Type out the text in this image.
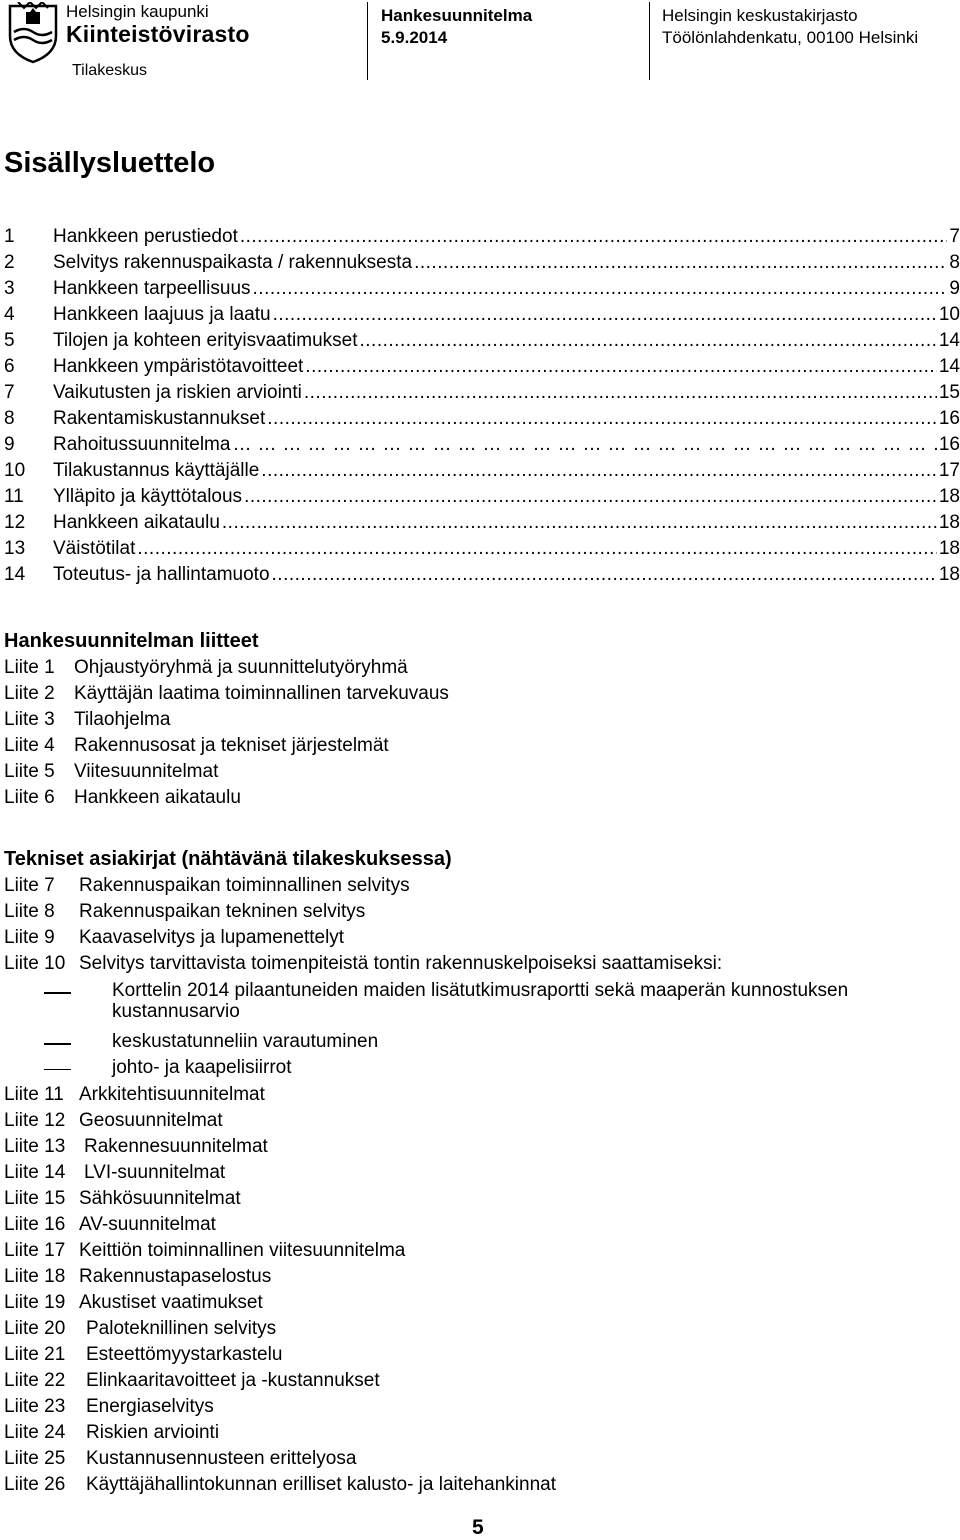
Helsingin kaupunki
Kiinteistövirasto
Tilakeskus
Hankesuunnitelma
5.9.2014
Helsingin keskustakirjasto
Töölönlahdenkatu, 00100 Helsinki
Sisällysluettelo
1	Hankkeen perustiedot .....	7
2	Selvitys rakennuspaikasta / rakennuksesta .....	8
3	Hankkeen tarpeellisuus .....	9
4	Hankkeen laajuus ja laatu .....	10
5	Tilojen ja kohteen erityisvaatimukset .....	14
6	Hankkeen ympäristötavoitteet .....	14
7	Vaikutusten ja riskien arviointi .....	15
8	Rakentamiskustannukset .....	16
9	Rahoitussuunnitelma …………………………………………………………………………………………………………………………	16
10	Tilakustannus käyttäjälle .....	17
11	Ylläpito ja käyttötalous .....	18
12	Hankkeen aikataulu .....	18
13	Väistötilat .....	18
14	Toteutus- ja hallintamuoto .....	18
Hankesuunnitelman liitteet
Liite 1	Ohjaustyöryhmä ja suunnittelutyöryhmä
Liite 2	Käyttäjän laatima toiminnallinen tarvekuvaus
Liite 3	Tilaohjelma
Liite 4	Rakennusosat ja tekniset järjestelmät
Liite 5	Viitesuunnitelmat
Liite 6	Hankkeen aikataulu
Tekniset asiakirjat (nähtävänä tilakeskuksessa)
Liite 7	Rakennuspaikan toiminnallinen selvitys
Liite 8	Rakennuspaikan tekninen selvitys
Liite 9	Kaavaselvitys ja lupamenettelyt
Liite 10 Selvitys tarvittavista toimenpiteistä tontin rakennuskelpoiseksi saattamiseksi:
Korttelin 2014 pilaantuneiden maiden lisätutkimusraportti sekä maaperän kunnostuksen kustannusarvio
keskustatunneliin varautuminen
johto- ja kaapelisiirrot
Liite 11 Arkkitehtisuunnitelmat
Liite 12 Geosuunnitelmat
Liite 13 Rakennesuunnitelmat
Liite 14 LVI-suunnitelmat
Liite 15 Sähkösuunnitelmat
Liite 16 AV-suunnitelmat
Liite 17 Keittiön toiminnallinen viitesuunnitelma
Liite 18 Rakennustapaselostus
Liite 19 Akustiset vaatimukset
Liite 20	Paloteknillinen selvitys
Liite 21	Esteettömyystarkastelu
Liite 22	Elinkaaritavoitteet ja -kustannukset
Liite 23	Energiaselvitys
Liite 24	Riskien arviointi
Liite 25	Kustannusennusteen erittelyosa
Liite 26	Käyttäjähallintokunnan erilliset kalusto- ja laitehankinnat
5
